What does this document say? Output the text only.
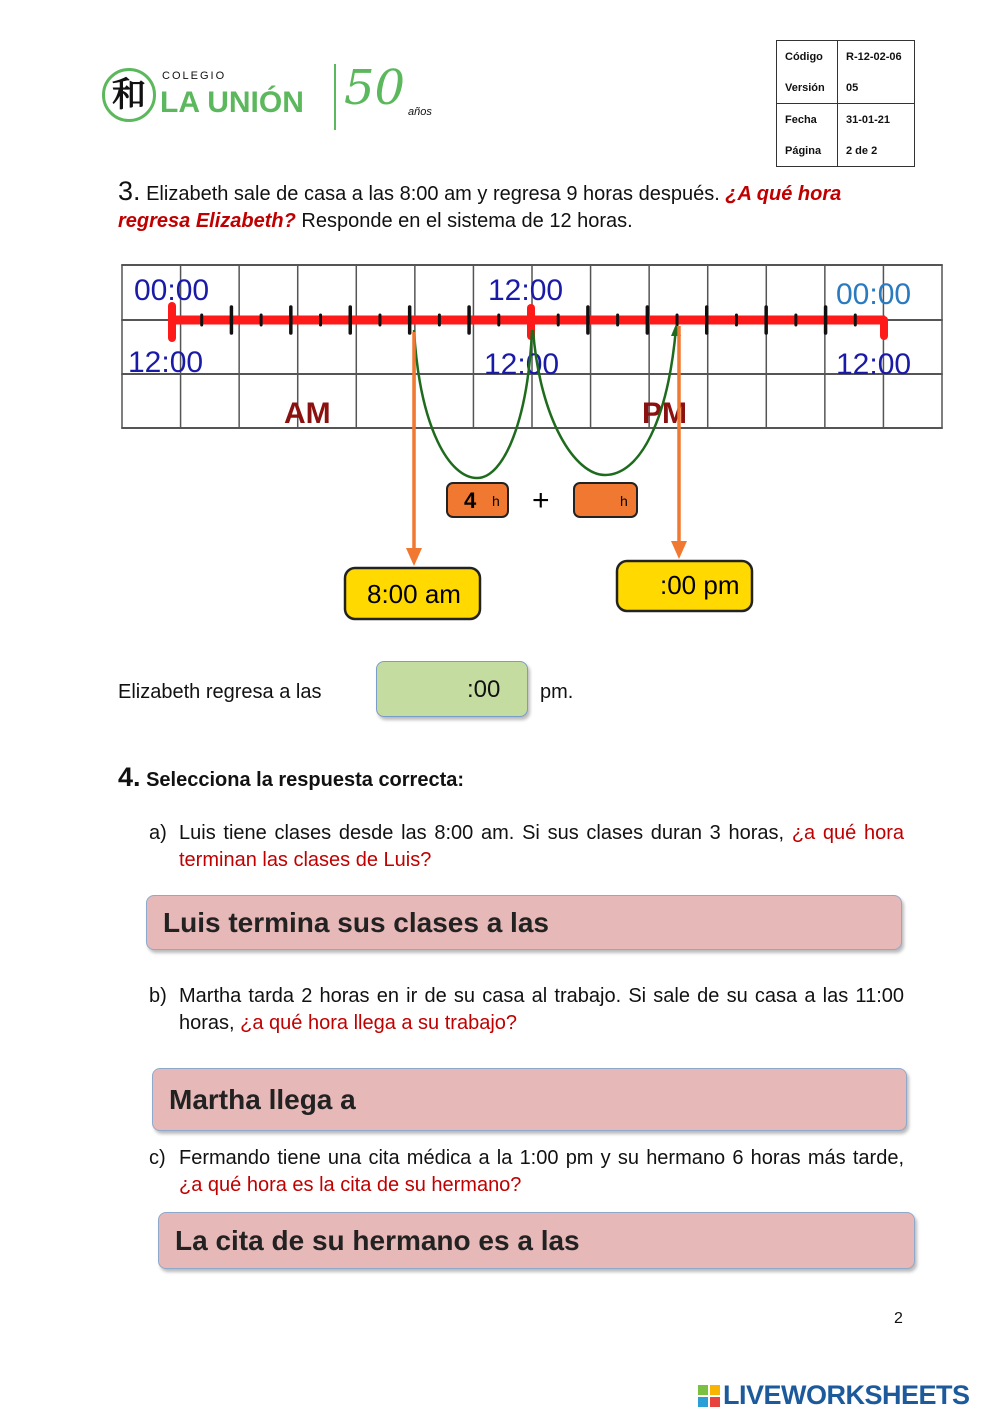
和	COLEGIO
LA UNIÓN 50 años
Código	R-12-02-06
Versión	05
Fecha	31-01-21
Página	2 de 2
3. Elizabeth sale de casa a las 8:00 am y regresa 9 horas después. ¿A qué hora regresa Elizabeth? Responde en el sistema de 12 horas.
00:00	12:00	00:00
12:00	12:00	12:00
AM	PM
4 h +	h
8:00 am	:00 pm
Elizabeth regresa a las	:00	pm.
4. Selecciona la respuesta correcta:
a) Luis tiene clases desde las 8:00 am. Si sus clases duran 3 horas, ¿a qué hora terminan las clases de Luis?
Luis termina sus clases a las
b) Martha tarda 2 horas en ir de su casa al trabajo. Si sale de su casa a las 11:00 horas, ¿a qué hora llega a su trabajo?
Martha llega a
c) Fermando tiene una cita médica a la 1:00 pm y su hermano 6 horas más tarde, ¿a qué hora es la cita de su hermano?
La cita de su hermano es a las
2
LIVEWORKSHEETS
